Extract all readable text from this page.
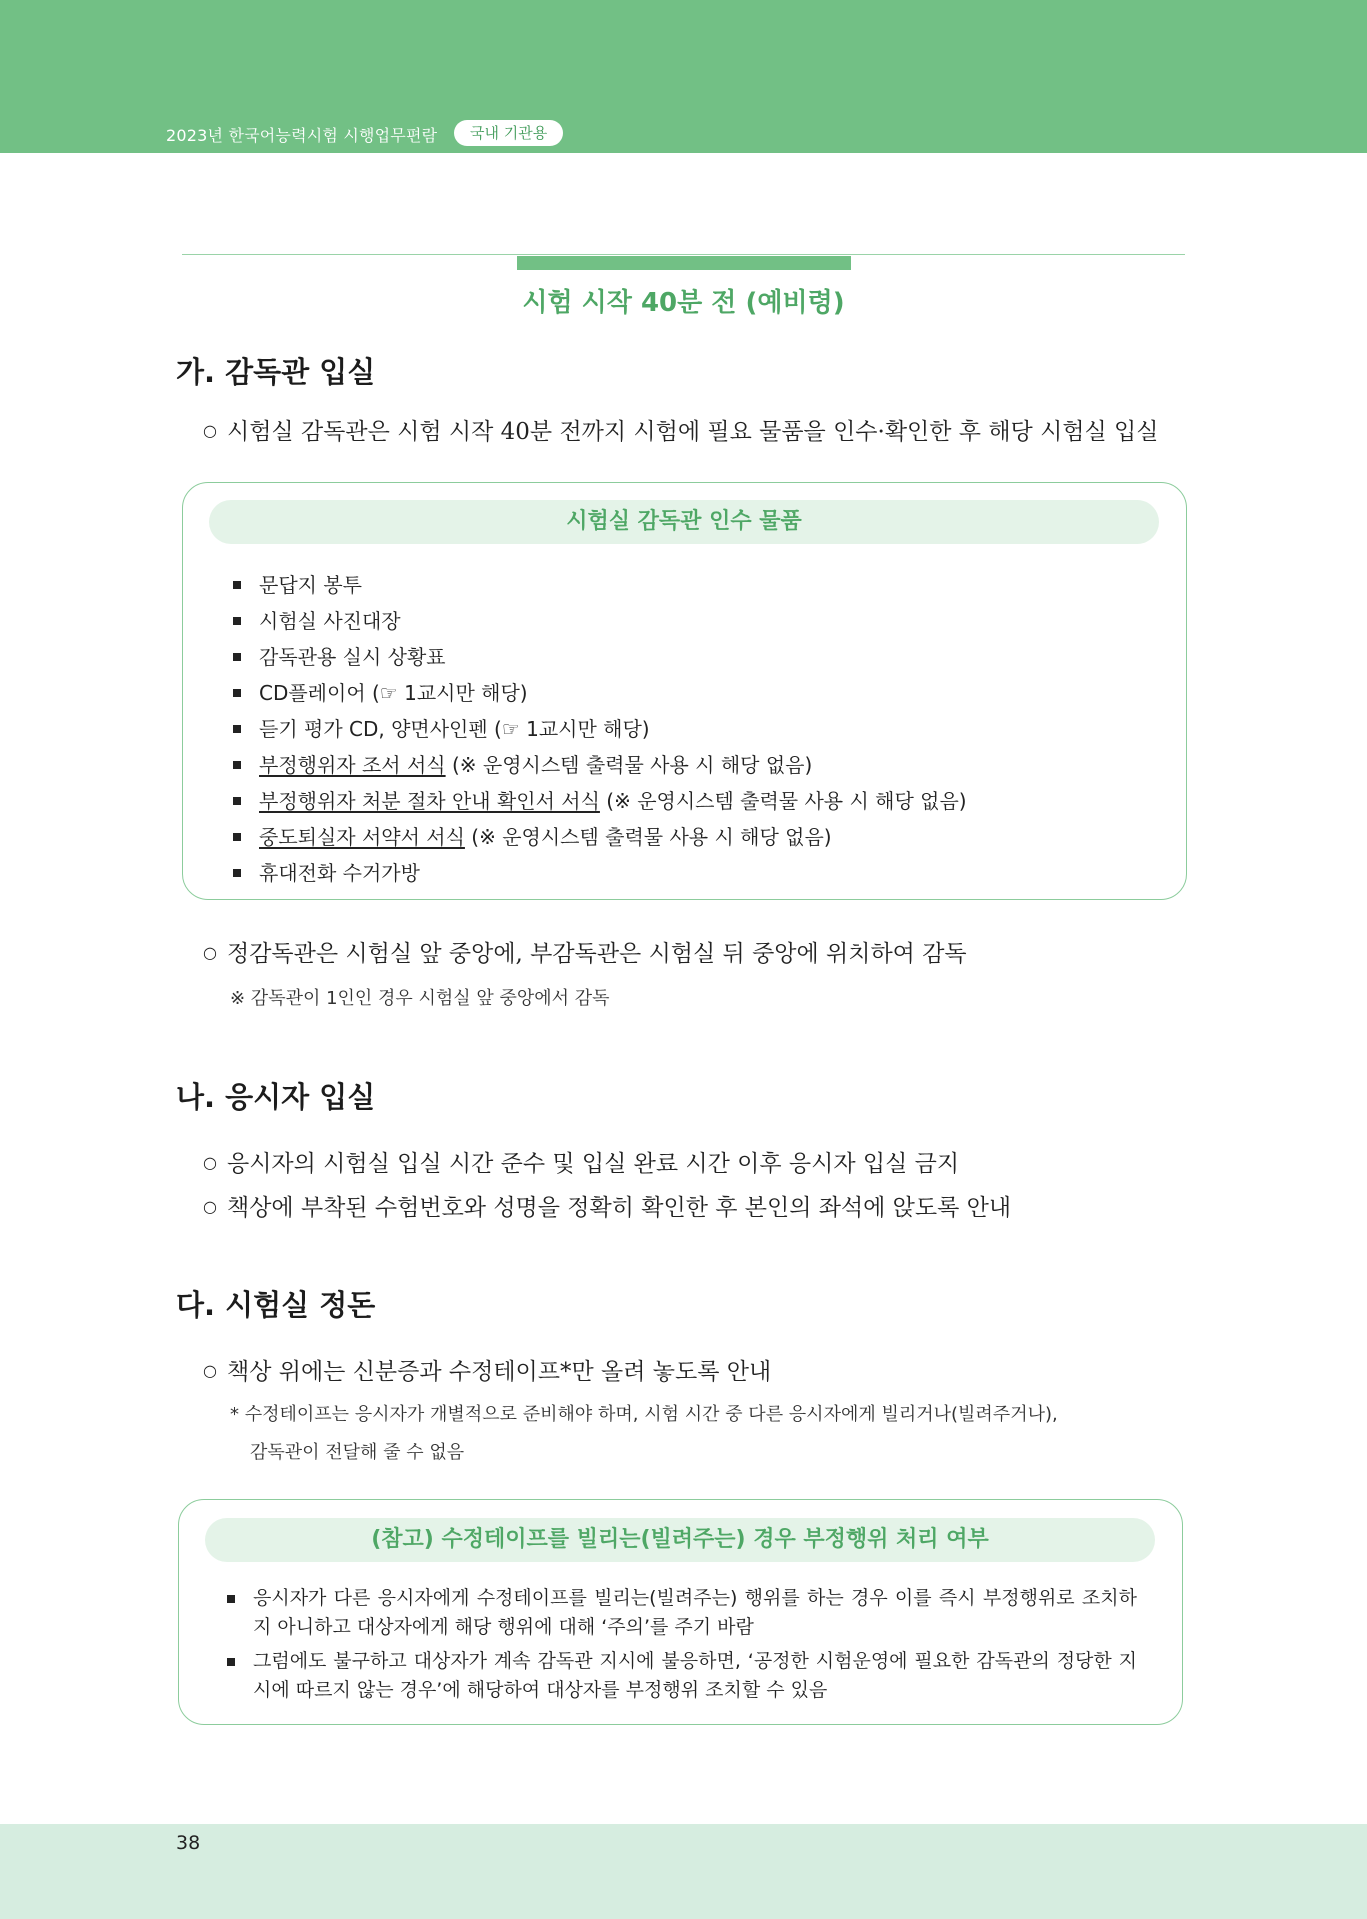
2023년 한국어능력시험 시행업무편람	국내 기관용
시험 시작 40분 전 (예비령)
가. 감독관 입실
○ 시험실 감독관은 시험 시작 40분 전까지 시험에 필요 물품을 인수·확인한 후 해당 시험실 입실
시험실 감독관 인수 물품
문답지 봉투
시험실 사진대장
감독관용 실시 상황표
CD플레이어 (☞ 1교시만 해당)
듣기 평가 CD, 양면사인펜 (☞ 1교시만 해당)
부정행위자 조서 서식 (※ 운영시스템 출력물 사용 시 해당 없음)
부정행위자 처분 절차 안내 확인서 서식 (※ 운영시스템 출력물 사용 시 해당 없음)
중도퇴실자 서약서 서식 (※ 운영시스템 출력물 사용 시 해당 없음)
휴대전화 수거가방
○ 정감독관은 시험실 앞 중앙에, 부감독관은 시험실 뒤 중앙에 위치하여 감독
※ 감독관이 1인인 경우 시험실 앞 중앙에서 감독
나. 응시자 입실
○ 응시자의 시험실 입실 시간 준수 및 입실 완료 시간 이후 응시자 입실 금지
○ 책상에 부착된 수험번호와 성명을 정확히 확인한 후 본인의 좌석에 앉도록 안내
다. 시험실 정돈
○ 책상 위에는 신분증과 수정테이프*만 올려 놓도록 안내
* 수정테이프는 응시자가 개별적으로 준비해야 하며, 시험 시간 중 다른 응시자에게 빌리거나(빌려주거나),
감독관이 전달해 줄 수 없음
(참고) 수정테이프를 빌리는(빌려주는) 경우 부정행위 처리 여부
응시자가 다른 응시자에게 수정테이프를 빌리는(빌려주는) 행위를 하는 경우 이를 즉시 부정행위로 조치하지 아니하고 대상자에게 해당 행위에 대해 ‘주의’를 주기 바람
그럼에도 불구하고 대상자가 계속 감독관 지시에 불응하면, ‘공정한 시험운영에 필요한 감독관의 정당한 지시에 따르지 않는 경우’에 해당하여 대상자를 부정행위 조치할 수 있음
38
